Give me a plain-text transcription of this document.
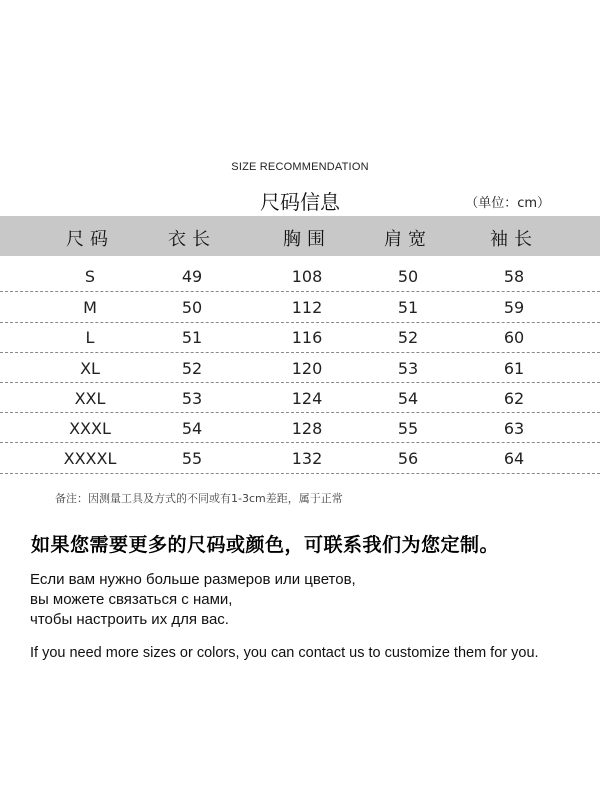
SIZE RECOMMENDATION
尺码信息	（单位：cm）
尺码	衣长	胸围	肩宽	袖长
S	49	108	50	58
M	50	112	51	59
L	51	116	52	60
XL	52	120	53	61
XXL	53	124	54	62
XXXL	54	128	55	63
XXXXL	55	132	56	64
备注：因测量工具及方式的不同或有1-3cm差距，属于正常
如果您需要更多的尺码或颜色，可联系我们为您定制。
Если вам нужно больше размеров или цветов,
вы можете связаться с нами,
чтобы настроить их для вас.
If you need more sizes or colors, you can contact us to customize them for you.
